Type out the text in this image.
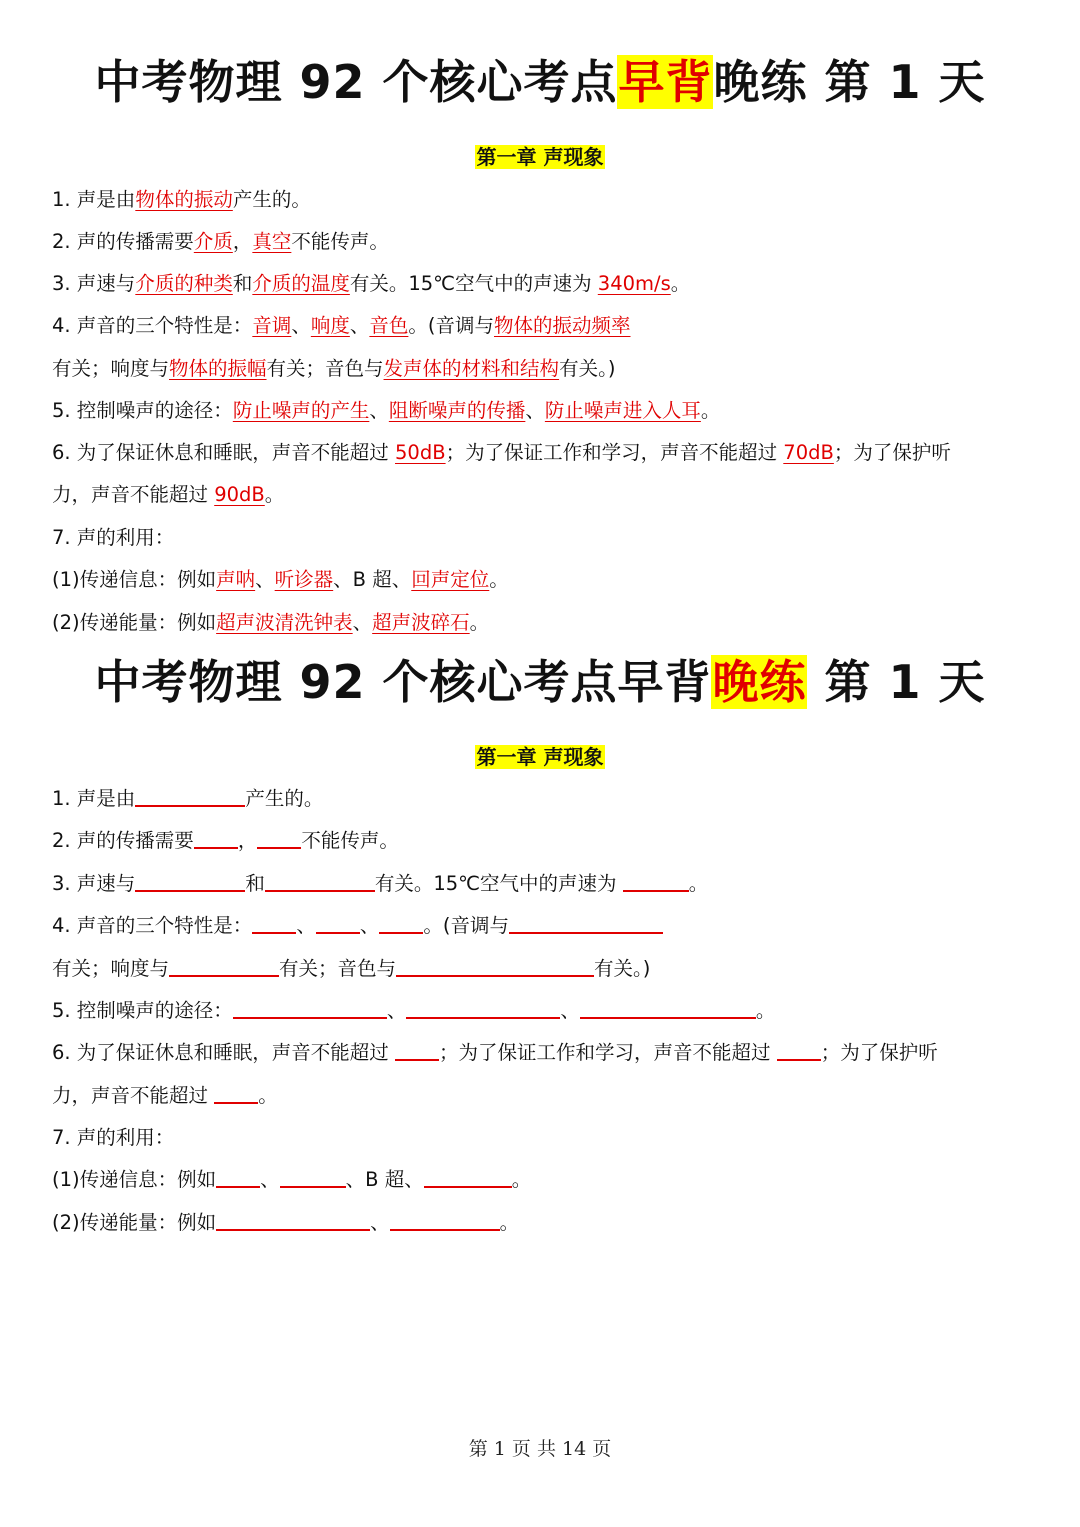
中考物理 92 个核心考点早背晚练 第 1 天
第一章 声现象
1. 声是由物体的振动产生的。
2. 声的传播需要介质，真空不能传声。
3. 声速与介质的种类和介质的温度有关。15℃空气中的声速为 340m/s。
4. 声音的三个特性是：音调、响度、音色。(音调与物体的振动频率
有关；响度与物体的振幅有关；音色与发声体的材料和结构有关。)
5. 控制噪声的途径：防止噪声的产生、阻断噪声的传播、防止噪声进入人耳。
6. 为了保证休息和睡眠，声音不能超过 50dB；为了保证工作和学习，声音不能超过 70dB；为了保护听
力，声音不能超过 90dB。
7. 声的利用：
(1)传递信息：例如声呐、听诊器、B 超、回声定位。
(2)传递能量：例如超声波清洗钟表、超声波碎石。
中考物理 92 个核心考点早背晚练 第 1 天
第一章 声现象
1. 声是由	产生的。
2. 声的传播需要 ， 不能传声。
3. 声速与	和	有关。15℃空气中的声速为	。
4. 声音的三个特性是： 、 、 。(音调与
有关；响度与	有关；音色与	有关。)
5. 控制噪声的途径：	、	、	。
6. 为了保证休息和睡眠，声音不能超过 ；为了保证工作和学习，声音不能超过 ；为了保护听
力，声音不能超过 。
7. 声的利用：
(1)传递信息：例如 、	、B 超、	。
(2)传递能量：例如	、	。
第 1 页 共 14 页
